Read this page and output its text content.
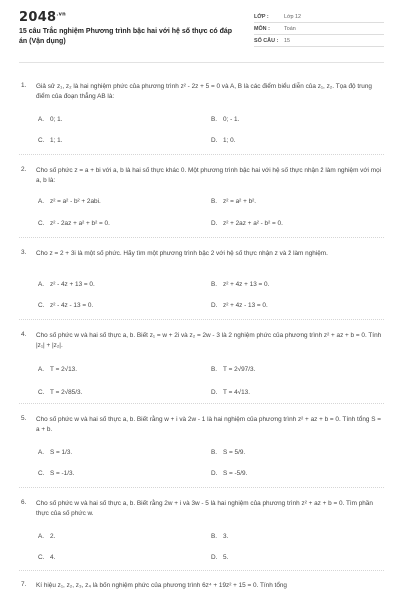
$2048^{.vn}$
15 câu Trắc nghiệm Phương trình bậc hai với hệ số thực có đáp án (Vận dụng)
LỚP :	Lớp 12
MÔN :	Toán
SỐ CÂU :	15
1. Giả sử z₁, z₂ là hai nghiệm phức của phương trình z² - 2z + 5 = 0 và A, B là các điểm biểu diễn của z₁, z₂. Tọa độ trung điểm của đoạn thẳng AB là:
A. 0; 1.	B. 0; - 1.
C. 1; 1.	D. 1; 0.
2. Cho số phức z = a + bi với a, b là hai số thực khác 0. Một phương trình bậc hai với hệ số thực nhận z̄ làm nghiệm với mọi a, b là:
A. z² = a² - b² + 2abi.	B. z² = a² + b².
C. z² - 2az + a² + b² = 0.	D. z² + 2az + a² - b² = 0.
3. Cho z = 2 + 3i là một số phức. Hãy tìm một phương trình bậc 2 với hệ số thực nhận z và z̄ làm nghiệm.
A. z² - 4z + 13 = 0.	B. z² + 4z + 13 = 0.
C. z² - 4z - 13 = 0.	D. z² + 4z - 13 = 0.
4. Cho số phức w và hai số thực a, b. Biết z₁ = w + 2i và z₂ = 2w - 3 là 2 nghiệm phức của phương trình z² + az + b = 0. Tính |z₁| + |z₂|.
A. T = 2√13.	B. T = 2√97/3.
C. T = 2√85/3.	D. T = 4√13.
5. Cho số phức w và hai số thực a, b. Biết rằng w + i và 2w - 1 là hai nghiệm của phương trình z² + az + b = 0. Tính tổng S = a + b.
A. S = 1/3.	B. S = 5/9.
C. S = -1/3.	D. S = -5/9.
6. Cho số phức w và hai số thực a, b. Biết rằng 2w + i và 3w - 5 là hai nghiệm của phương trình z² + az + b = 0. Tìm phần thực của số phức w.
A. 2.	B. 3.
C. 4.	D. 5.
7. Kí hiệu z₁, z₂, z₃, z₄ là bốn nghiệm phức của phương trình 6z⁴ + 19z² + 15 = 0. Tính tổng
